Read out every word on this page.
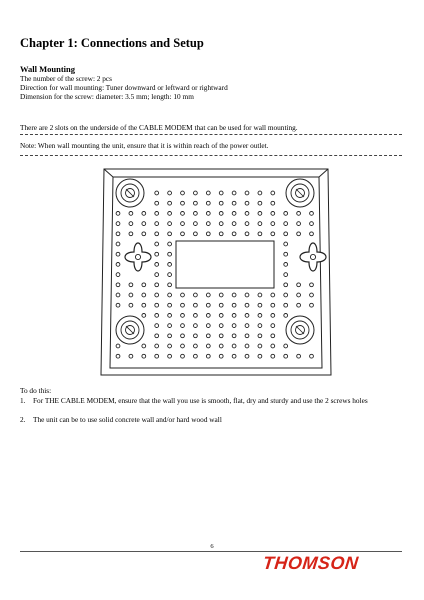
Chapter 1: Connections and Setup
Wall Mounting
The number of the screw: 2 pcs
Direction for wall mounting: Tuner downward or leftward or rightward
Dimension for the screw: diameter: 3.5 mm; length: 10 mm
There are 2 slots on the underside of the CABLE MODEM that can be used for wall mounting.
Note: When wall mounting the unit, ensure that it is within reach of the power outlet.
To do this:
1. For THE CABLE MODEM, ensure that the wall you use is smooth, flat, dry and sturdy and use the 2 screws holes
2. The unit can be to use solid concrete wall and/or hard wood wall
6
THOMSON
